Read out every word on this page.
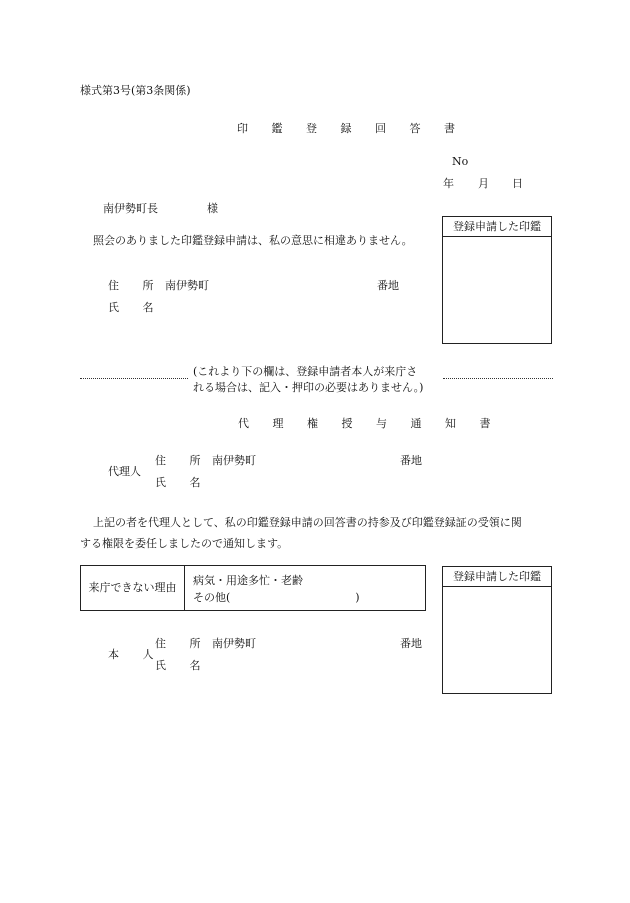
様式第3号(第3条関係)
印 鑑 登 録 回 答 書
No
年 月 日
南伊勢町長	様
照会のありました印鑑登録申請は、私の意思に相違ありません。
住 所 南伊勢町	番地
氏 名
登録申請した印鑑
(これより下の欄は、登録申請者本人が来庁さ
れる場合は、記入・押印の必要はありません。)
代 理 権 授 与 通 知 書
代理人
住 所 南伊勢町	番地
氏 名
上記の者を代理人として、私の印鑑登録申請の回答書の持参及び印鑑登録証の受領に関
する権限を委任しましたので通知します。
来庁できない理由
病気・用途多忙・老齢
その他(	)
登録申請した印鑑
本 人
住 所 南伊勢町	番地
氏 名
